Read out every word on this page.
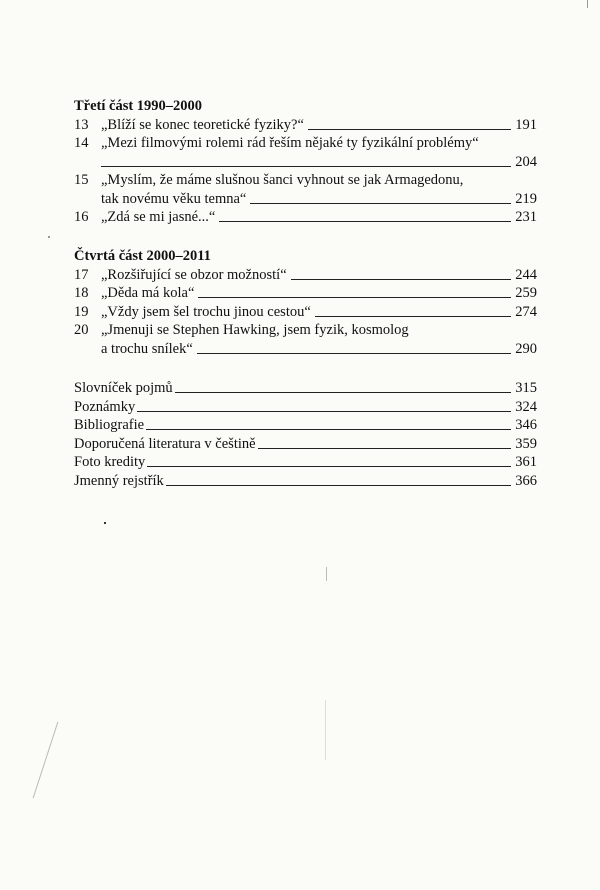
Třetí část 1990–2000
13 „Blíží se konec teoretické fyziky?“	191
14 „Mezi filmovými rolemi rád řeším nějaké ty fyzikální problémy“
204
15 „Myslím, že máme slušnou šanci vyhnout se jak Armagedonu,
tak novému věku temna“	219
16 „Zdá se mi jasné...“	231
Čtvrtá část 2000–2011
17 „Rozšiřující se obzor možností“	244
18 „Děda má kola“	259
19 „Vždy jsem šel trochu jinou cestou“	274
20 „Jmenuji se Stephen Hawking, jsem fyzik, kosmolog
a trochu snílek“	290
Slovníček pojmů	315
Poznámky	324
Bibliografie	346
Doporučená literatura v češtině	359
Foto kredity	361
Jmenný rejstřík	366
